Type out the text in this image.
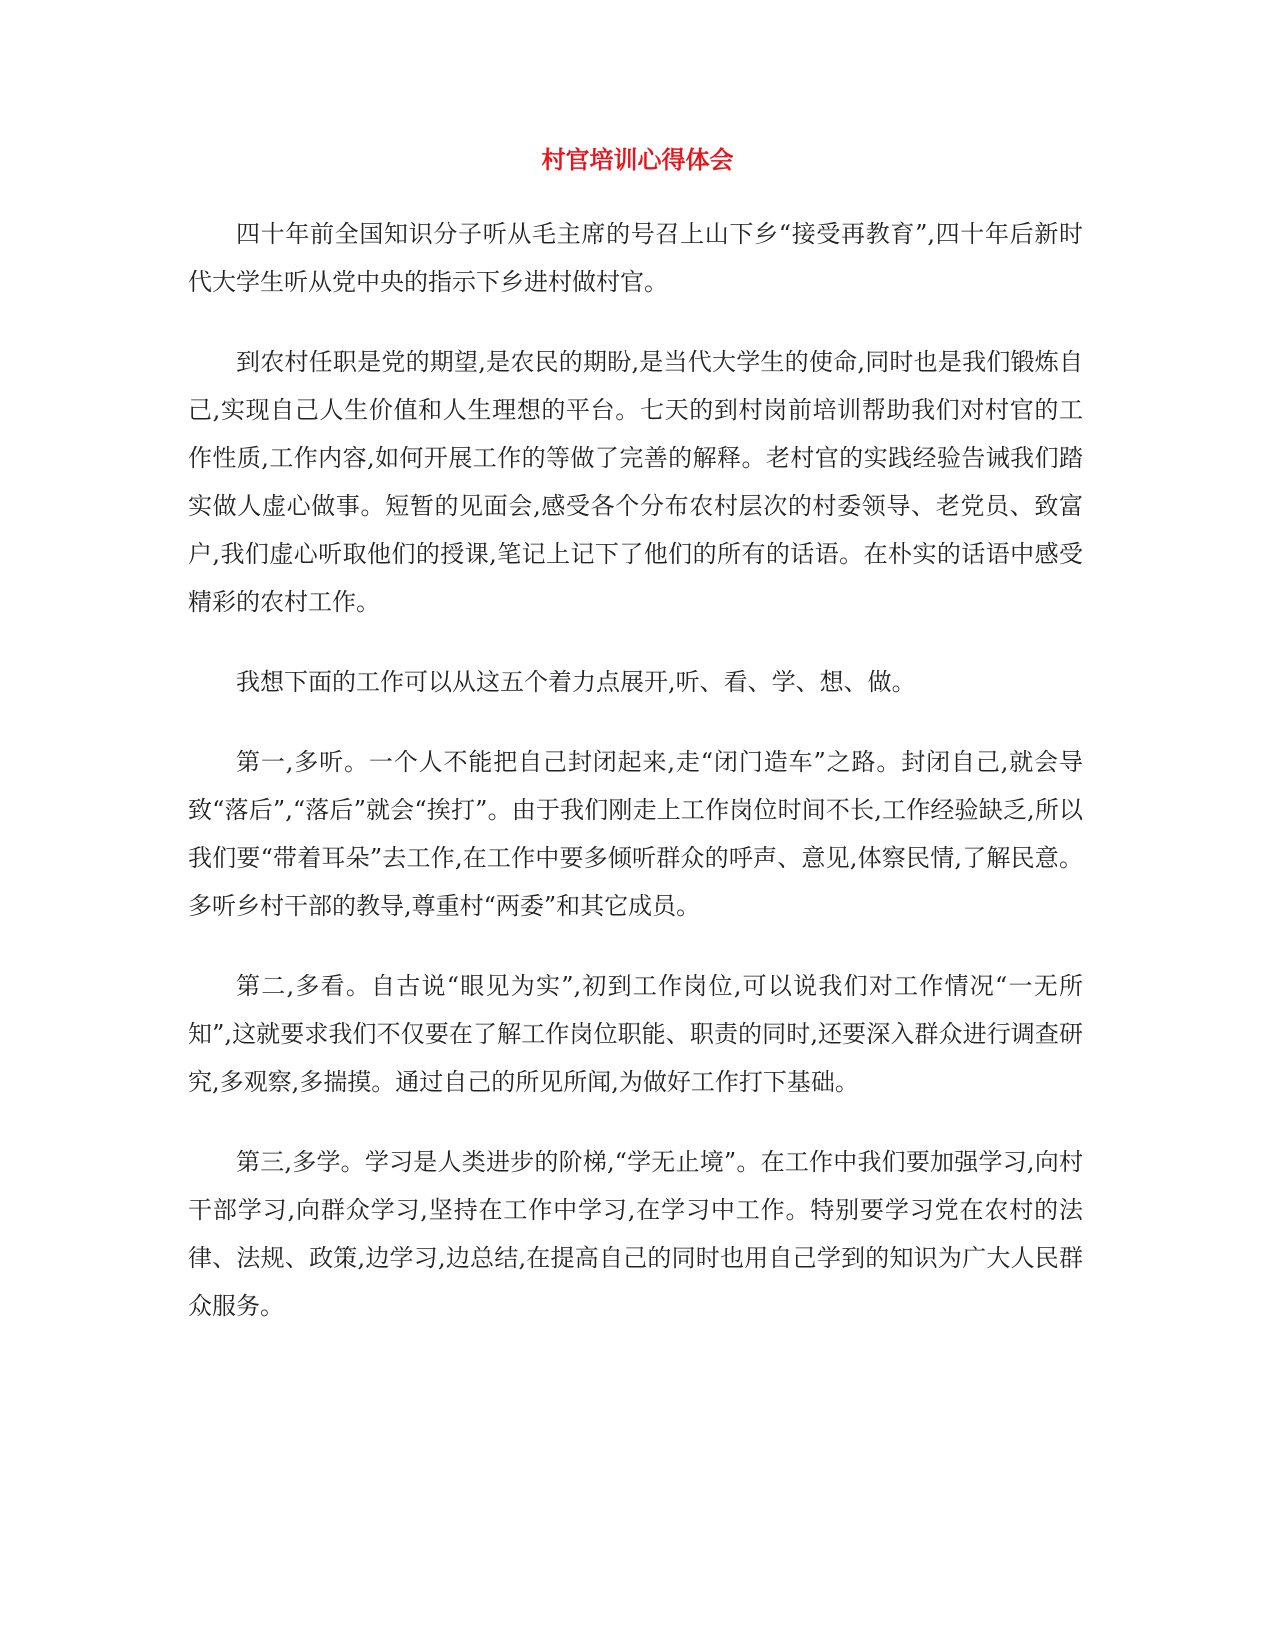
村官培训心得体会

四十年前全国知识分子听从毛主席的号召上山下乡“接受再教育”,四十年后新时代大学生听从党中央的指示下乡进村做村官。

到农村任职是党的期望,是农民的期盼,是当代大学生的使命,同时也是我们锻炼自己,实现自己人生价值和人生理想的平台。七天的到村岗前培训帮助我们对村官的工作性质,工作内容,如何开展工作的等做了完善的解释。老村官的实践经验告诫我们踏实做人虚心做事。短暂的见面会,感受各个分布农村层次的村委领导、老党员、致富户,我们虚心听取他们的授课,笔记上记下了他们的所有的话语。在朴实的话语中感受精彩的农村工作。

我想下面的工作可以从这五个着力点展开,听、看、学、想、做。

第一,多听。一个人不能把自己封闭起来,走“闭门造车”之路。封闭自己,就会导致“落后”,“落后”就会“挨打”。由于我们刚走上工作岗位时间不长,工作经验缺乏,所以我们要“带着耳朵”去工作,在工作中要多倾听群众的呼声、意见,体察民情,了解民意。多听乡村干部的教导,尊重村“两委”和其它成员。

第二,多看。自古说“眼见为实”,初到工作岗位,可以说我们对工作情况“一无所知”,这就要求我们不仅要在了解工作岗位职能、职责的同时,还要深入群众进行调查研究,多观察,多揣摸。通过自己的所见所闻,为做好工作打下基础。

第三,多学。学习是人类进步的阶梯,“学无止境”。在工作中我们要加强学习,向村干部学习,向群众学习,坚持在工作中学习,在学习中工作。特别要学习党在农村的法律、法规、政策,边学习,边总结,在提高自己的同时也用自己学到的知识为广大人民群众服务。
